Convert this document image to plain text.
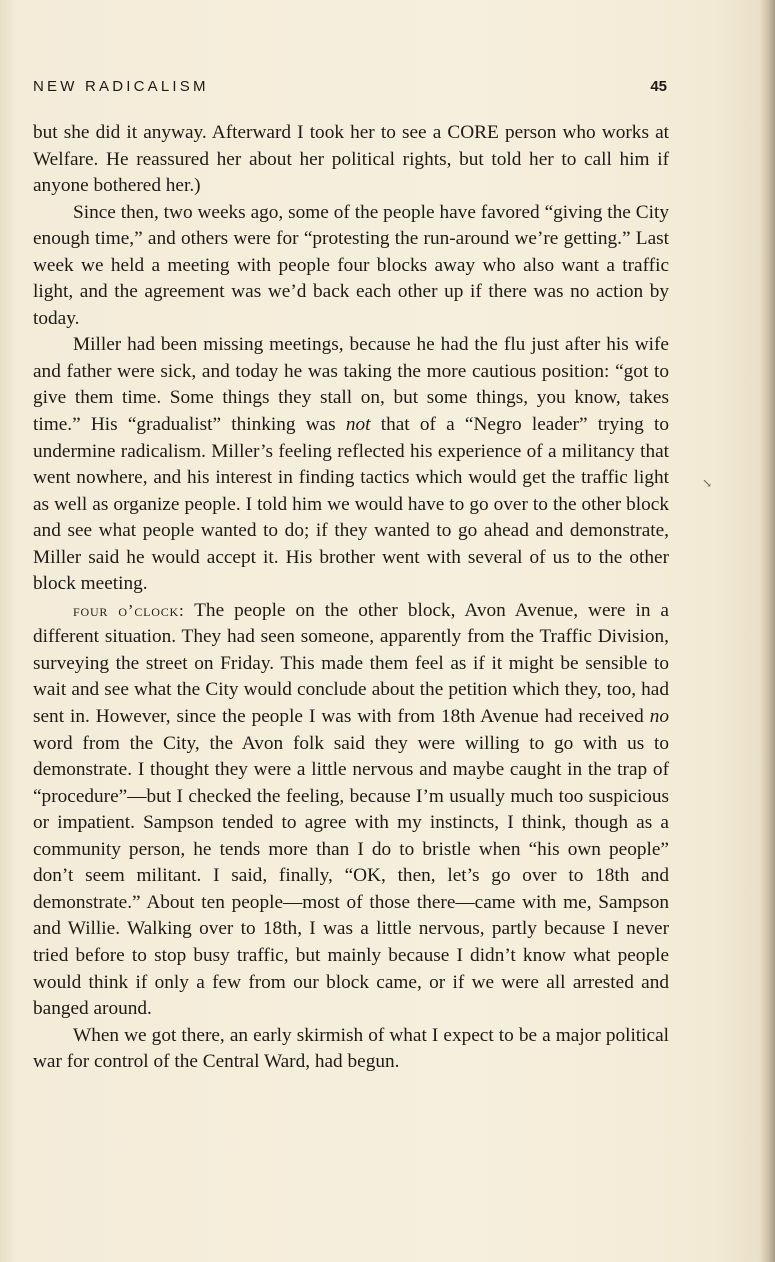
NEW RADICALISM	45

but she did it anyway. Afterward I took her to see a CORE person who works at Welfare. He reassured her about her political rights, but told her to call him if anyone bothered her.)

Since then, two weeks ago, some of the people have favored “giving the City enough time,” and others were for “protesting the run-around we’re getting.” Last week we held a meeting with people four blocks away who also want a traffic light, and the agreement was we’d back each other up if there was no action by today.

Miller had been missing meetings, because he had the flu just after his wife and father were sick, and today he was taking the more cautious position: “got to give them time. Some things they stall on, but some things, you know, takes time.” His “gradualist” thinking was not that of a “Negro leader” trying to undermine radicalism. Miller’s feeling reflected his experience of a militancy that went nowhere, and his interest in finding tactics which would get the traffic light as well as organize people. I told him we would have to go over to the other block and see what people wanted to do; if they wanted to go ahead and demonstrate, Miller said he would accept it. His brother went with several of us to the other block meeting.

four o’clock: The people on the other block, Avon Avenue, were in a different situation. They had seen someone, apparently from the Traffic Division, surveying the street on Friday. This made them feel as if it might be sensible to wait and see what the City would conclude about the petition which they, too, had sent in. However, since the people I was with from 18th Avenue had received no word from the City, the Avon folk said they were willing to go with us to demonstrate. I thought they were a little nervous and maybe caught in the trap of “procedure”—but I checked the feeling, because I’m usually much too suspicious or impatient. Sampson tended to agree with my instincts, I think, though as a community person, he tends more than I do to bristle when “his own people” don’t seem militant. I said, finally, “OK, then, let’s go over to 18th and demonstrate.” About ten people—most of those there—came with me, Sampson and Willie. Walking over to 18th, I was a little nervous, partly because I never tried before to stop busy traffic, but mainly because I didn’t know what people would think if only a few from our block came, or if we were all arrested and banged around.

When we got there, an early skirmish of what I expect to be a major political war for control of the Central Ward, had begun.

↘
